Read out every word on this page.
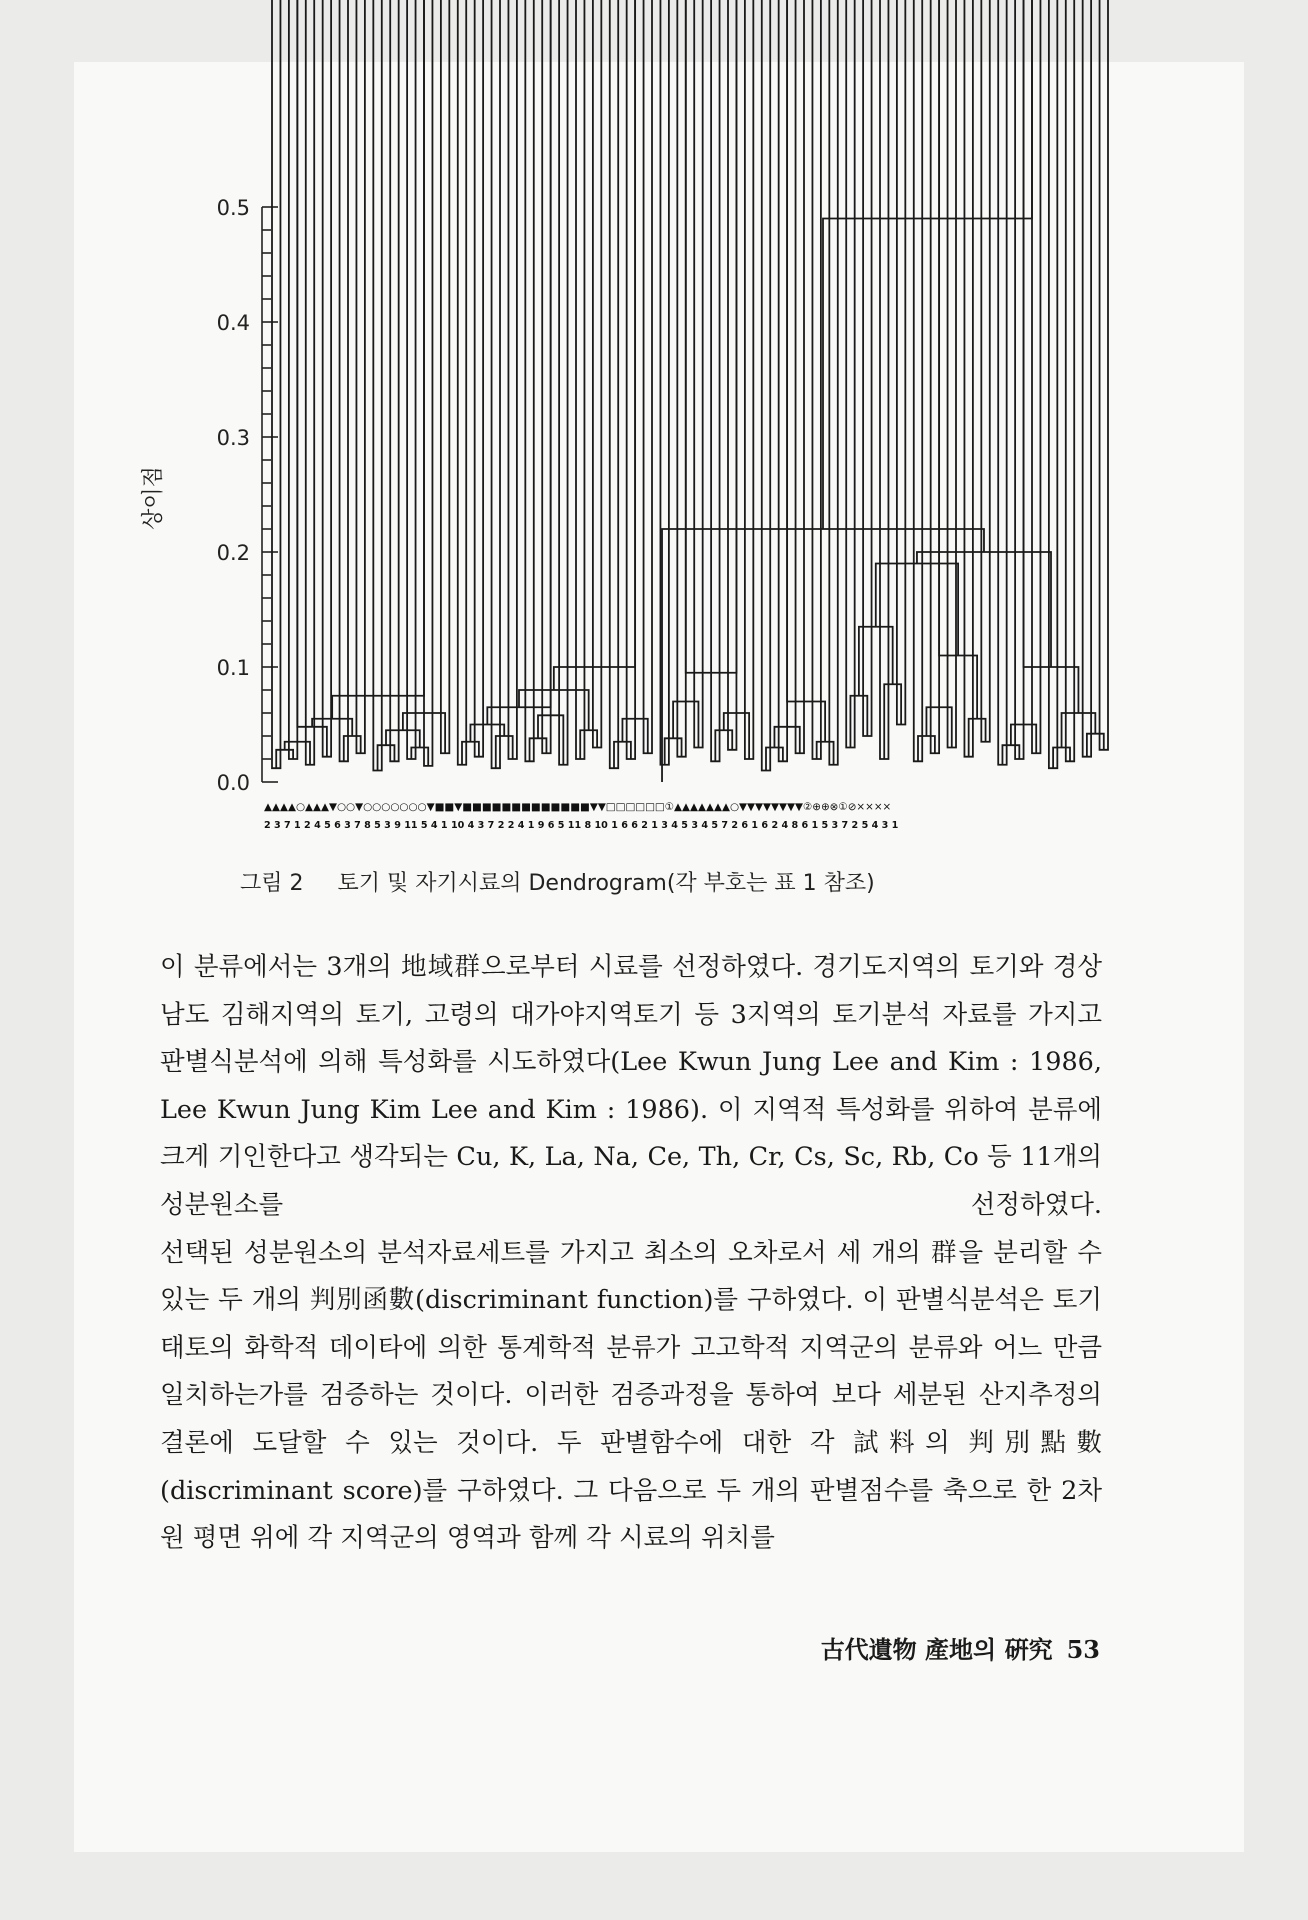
0.5
0.4
0.3
0.2
0.1
0.0
상이점
▲▲▲▲○▲▲▲▼○○▼○○○○○○○▼■■▼■■■■■■■■■■■■■▼▼□□□□□□①▲▲▲▲▲▲▲○▼▼▼▼▼▼▼▼②⊕⊕⊗①⊘××××
2 3 7 1 2 4 5 6 3 7 8 5 3 9 11 5 4 1 10 4 3 7 2 2 4 1 9 6 5 11 8 10 1 6 6 2 1 3 4 5 3 4 5 7 2 6 1 6 2 4 8 6 1 5 3 7 2 5 4 3 1
그림 2 토기 및 자기시료의 Dendrogram(각 부호는 표 1 참조)

이 분류에서는 3개의 地域群으로부터 시료를 선정하였다. 경기도지역의 토기와 경상남도 김해지역의 토기, 고령의 대가야지역토기 등 3지역의 토기분석 자료를 가지고 판별식분석에 의해 특성화를 시도하였다(Lee Kwun Jung Lee and Kim : 1986, Lee Kwun Jung Kim Lee and Kim : 1986). 이 지역적 특성화를 위하여 분류에 크게 기인한다고 생각되는 Cu, K, La, Na, Ce, Th, Cr, Cs, Sc, Rb, Co 등 11개의 성분원소를 선정하였다.

선택된 성분원소의 분석자료세트를 가지고 최소의 오차로서 세 개의 群을 분리할 수 있는 두 개의 判別函數(discriminant function)를 구하였다. 이 판별식분석은 토기태토의 화학적 데이타에 의한 통계학적 분류가 고고학적 지역군의 분류와 어느 만큼 일치하는가를 검증하는 것이다. 이러한 검증과정을 통하여 보다 세분된 산지추정의 결론에 도달할 수 있는 것이다. 두 판별함수에 대한 각 試料의 判別點數(discriminant score)를 구하였다. 그 다음으로 두 개의 판별점수를 축으로 한 2차원 평면 위에 각 지역군의 영역과 함께 각 시료의 위치를

古代遺物 產地의 硏究 53
